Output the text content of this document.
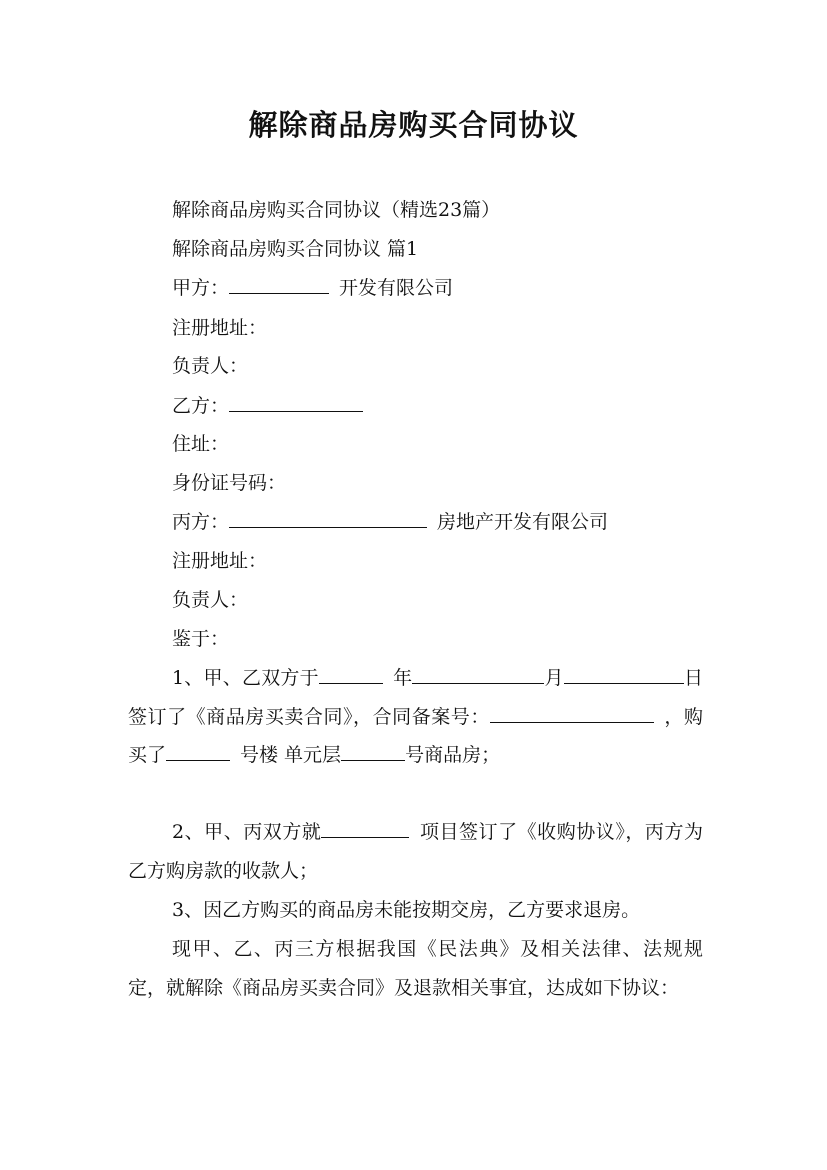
解除商品房购买合同协议
解除商品房购买合同协议（精选23篇）
解除商品房购买合同协议 篇1
甲方：	开发有限公司
注册地址：
负责人：
乙方：
住址：
身份证号码：
丙方：	房地产开发有限公司
注册地址：
负责人：
鉴于：
1、甲、乙双方于	年	月	日签订了《商品房买卖合同》，合同备案号：	，购买了	号楼 单元层	号商品房；
2、甲、丙双方就	项目签订了《收购协议》，丙方为乙方购房款的收款人；
3、因乙方购买的商品房未能按期交房，乙方要求退房。
现甲、乙、丙三方根据我国《民法典》及相关法律、法规规定，就解除《商品房买卖合同》及退款相关事宜，达成如下协议：
